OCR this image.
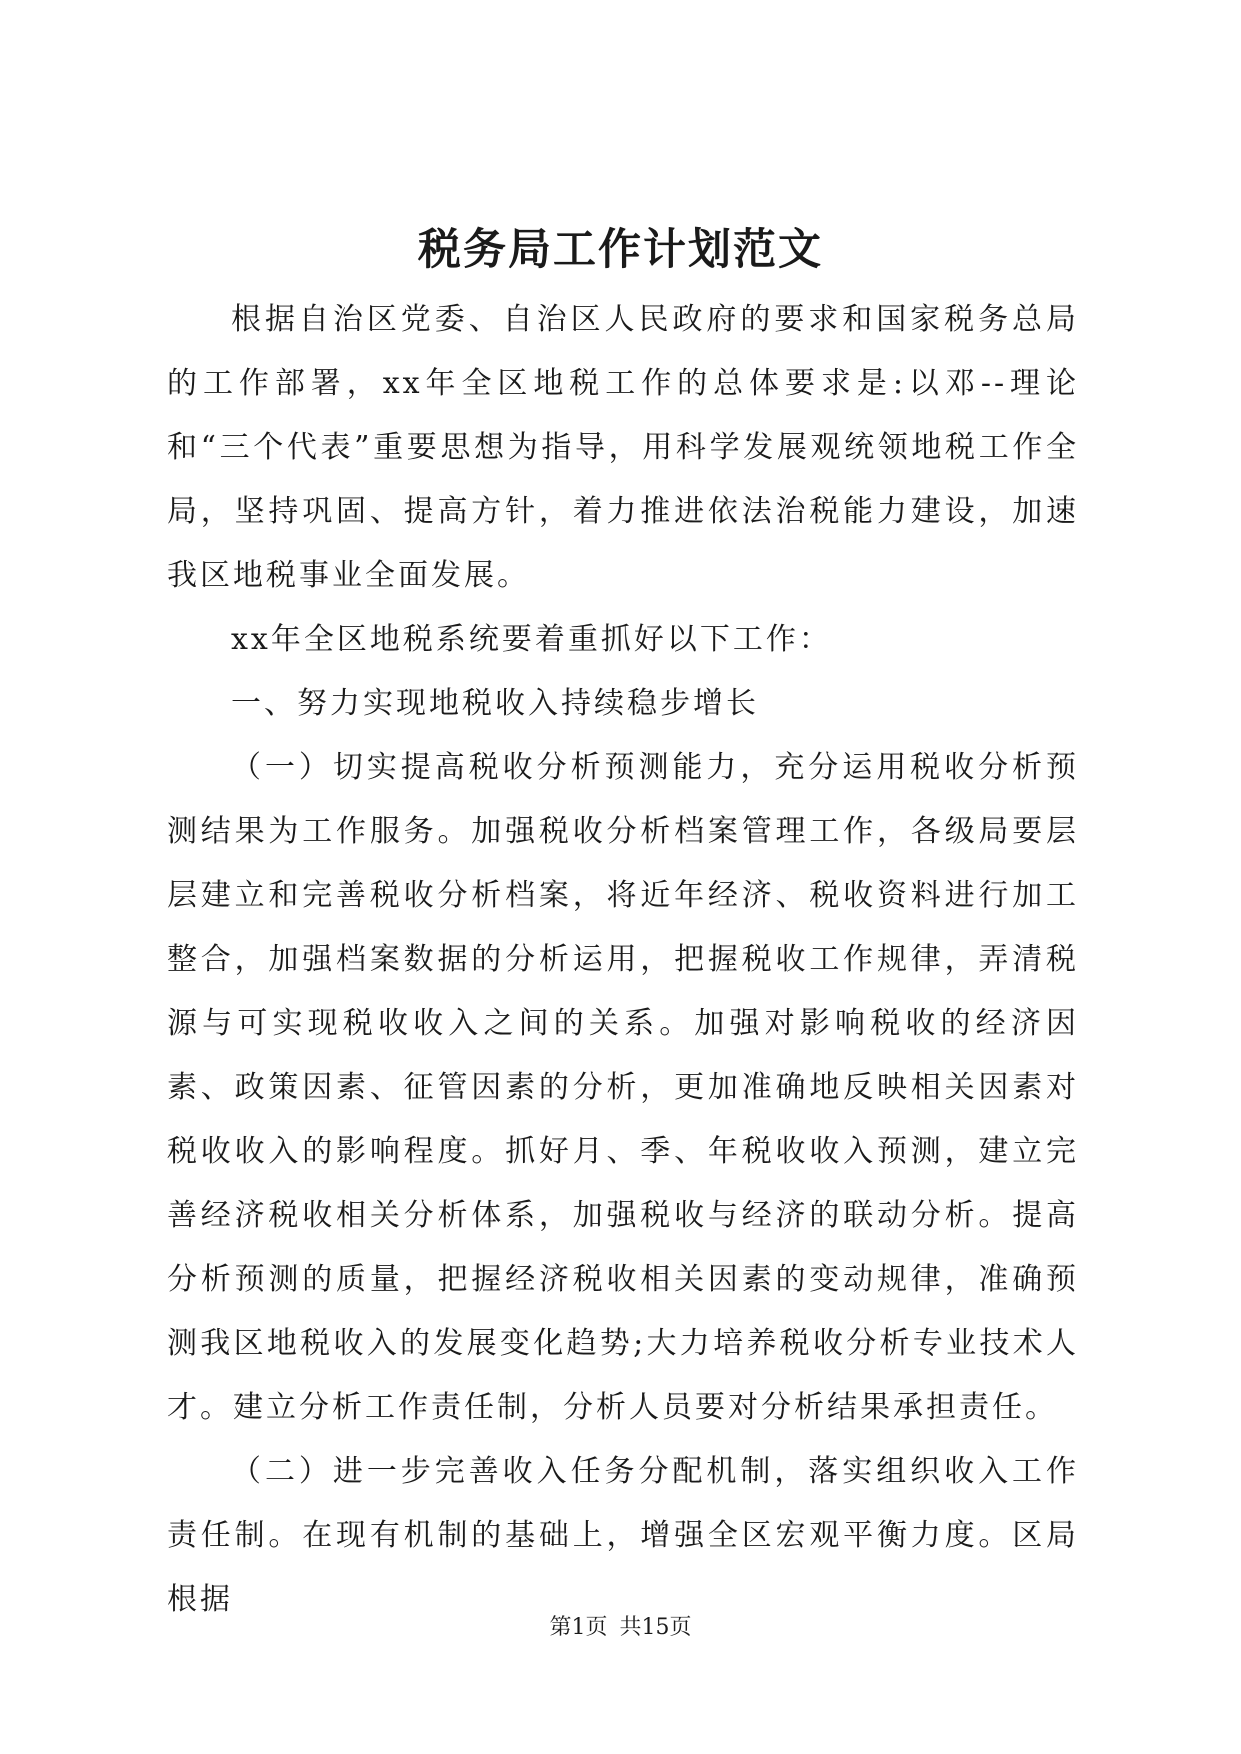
税务局工作计划范文

根据自治区党委、自治区人民政府的要求和国家税务总局的工作部署，xx年全区地税工作的总体要求是:以邓--理论和“三个代表”重要思想为指导，用科学发展观统领地税工作全局，坚持巩固、提高方针，着力推进依法治税能力建设，加速我区地税事业全面发展。

xx年全区地税系统要着重抓好以下工作：

一、努力实现地税收入持续稳步增长

（一）切实提高税收分析预测能力，充分运用税收分析预测结果为工作服务。加强税收分析档案管理工作，各级局要层层建立和完善税收分析档案，将近年经济、税收资料进行加工整合，加强档案数据的分析运用，把握税收工作规律，弄清税源与可实现税收收入之间的关系。加强对影响税收的经济因素、政策因素、征管因素的分析，更加准确地反映相关因素对税收收入的影响程度。抓好月、季、年税收收入预测，建立完善经济税收相关分析体系，加强税收与经济的联动分析。提高分析预测的质量，把握经济税收相关因素的变动规律，准确预测我区地税收入的发展变化趋势;大力培养税收分析专业技术人才。建立分析工作责任制，分析人员要对分析结果承担责任。

（二）进一步完善收入任务分配机制，落实组织收入工作责任制。在现有机制的基础上，增强全区宏观平衡力度。区局根据

第1页 共15页
